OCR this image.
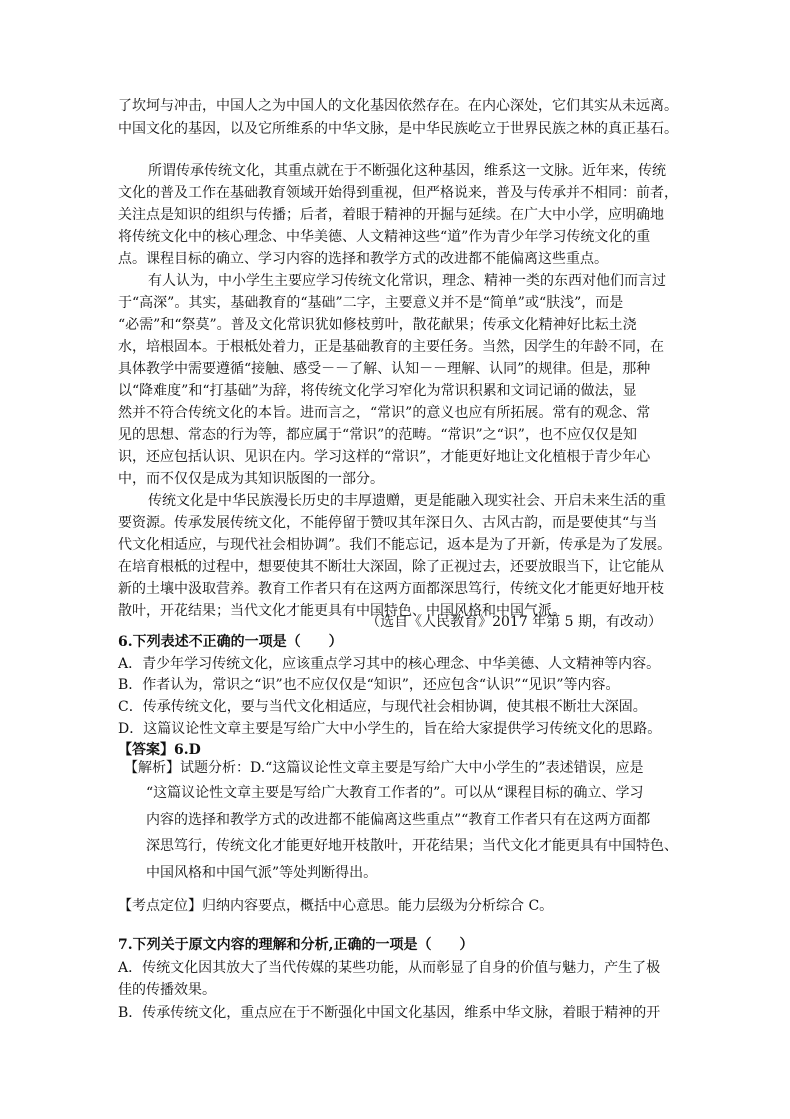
了坎坷与冲击，中国人之为中国人的文化基因依然存在。在内心深处，它们其实从未远离。
中国文化的基因，以及它所维系的中华文脉，是中华民族屹立于世界民族之林的真正基石。
所谓传承传统文化，其重点就在于不断强化这种基因，维系这一文脉。近年来，传统
文化的普及工作在基础教育领域开始得到重视，但严格说来，普及与传承并不相同：前者，
关注点是知识的组织与传播；后者，着眼于精神的开掘与延续。在广大中小学，应明确地
将传统文化中的核心理念、中华美德、人文精神这些“道”作为青少年学习传统文化的重
点。课程目标的确立、学习内容的选择和教学方式的改进都不能偏离这些重点。
有人认为，中小学生主要应学习传统文化常识，理念、精神一类的东西对他们而言过
于“高深”。其实，基础教育的“基础”二字，主要意义并不是“简单”或“肤浅”，而是
“必需”和“祭莫”。普及文化常识犹如修枝剪叶，散花献果；传承文化精神好比耘土浇
水，培根固本。于根柢处着力，正是基础教育的主要任务。当然，因学生的年龄不同，在
具体教学中需要遵循“接触、感受－－了解、认知－－理解、认同”的规律。但是，那种
以“降难度”和“打基础”为辞，将传统文化学习窄化为常识积累和文词记诵的做法，显
然并不符合传统文化的本旨。进而言之，“常识”的意义也应有所拓展。常有的观念、常
见的思想、常态的行为等，都应属于“常识”的范畴。“常识”之“识”，也不应仅仅是知
识，还应包括认识、见识在内。学习这样的“常识”，才能更好地让文化植根于青少年心
中，而不仅仅是成为其知识版图的一部分。
传统文化是中华民族漫长历史的丰厚遗赠，更是能融入现实社会、开启未来生活的重
要资源。传承发展传统文化，不能停留于赞叹其年深日久、古风古韵，而是要使其“与当
代文化相适应，与现代社会相协调”。我们不能忘记，返本是为了开新，传承是为了发展。
在培育根柢的过程中，想要使其不断壮大深固，除了正视过去，还要放眼当下，让它能从
新的土壤中汲取营养。教育工作者只有在这两方面都深思笃行，传统文化才能更好地开枝
散叶，开花结果；当代文化才能更具有中国特色、中国风格和中国气派。
（选自《人民教育》2017 年第 5 期，有改动）
6.下列表述不正确的一项是（　　）
A．青少年学习传统文化，应该重点学习其中的核心理念、中华美德、人文精神等内容。
B．作者认为，常识之“识”也不应仅仅是“知识”，还应包含“认识”“见识”等内容。
C．传承传统文化，要与当代文化相适应，与现代社会相协调，使其根不断壮大深固。
D．这篇议论性文章主要是写给广大中小学生的，旨在给大家提供学习传统文化的思路。
【答案】6.D
【解析】试题分析：D.“这篇议论性文章主要是写给广大中小学生的”表述错误，应是
“这篇议论性文章主要是写给广大教育工作者的”。可以从“课程目标的确立、学习
内容的选择和教学方式的改进都不能偏离这些重点”“教育工作者只有在这两方面都
深思笃行，传统文化才能更好地开枝散叶，开花结果；当代文化才能更具有中国特色、
中国风格和中国气派”等处判断得出。
【考点定位】归纳内容要点，概括中心意思。能力层级为分析综合 C。
7.下列关于原文内容的理解和分析,正确的一项是（　　）
A．传统文化因其放大了当代传媒的某些功能，从而彰显了自身的价值与魅力，产生了极
佳的传播效果。
B．传承传统文化，重点应在于不断强化中国文化基因，维系中华文脉，着眼于精神的开
